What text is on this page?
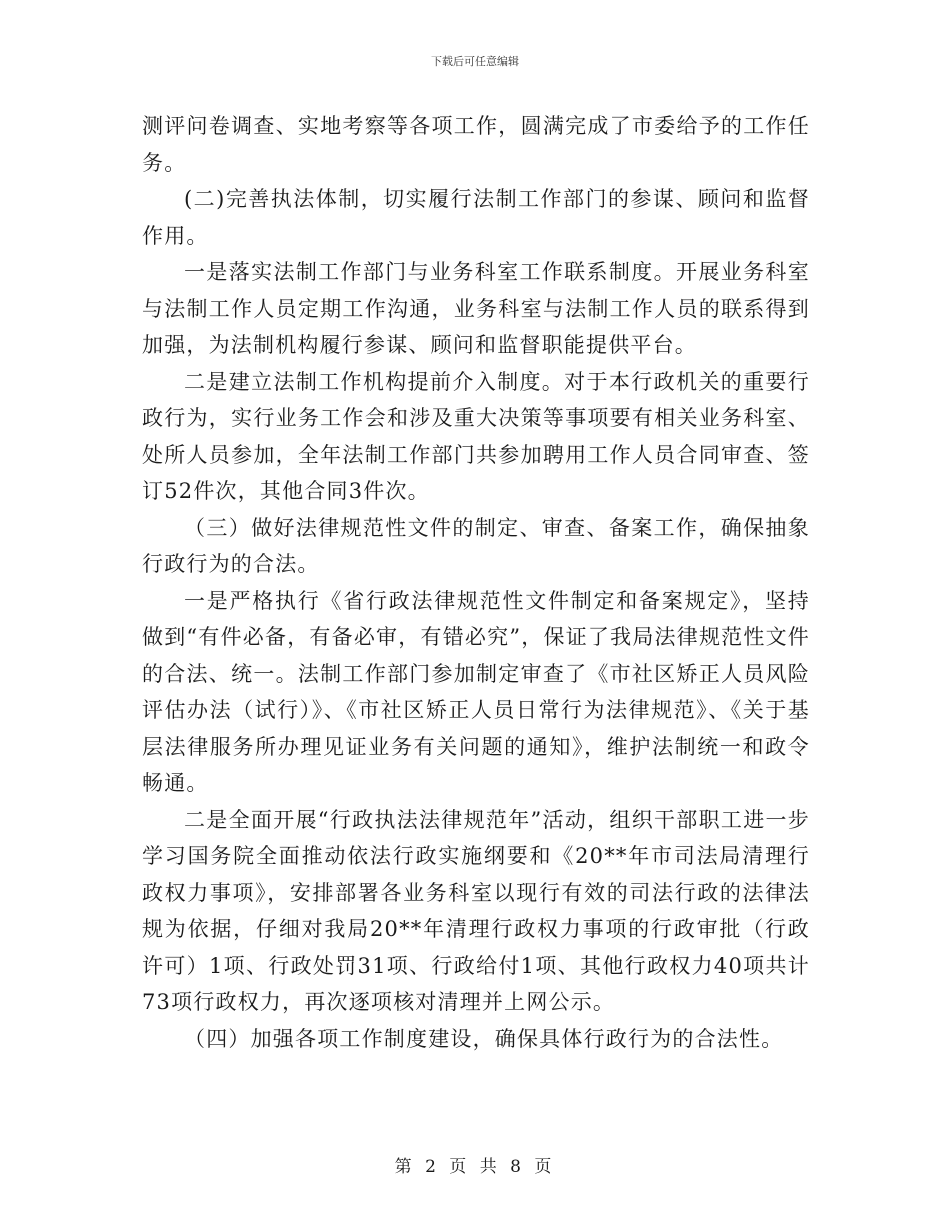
下载后可任意编辑

测评问卷调查、实地考察等各项工作，圆满完成了市委给予的工作任务。

(二)完善执法体制，切实履行法制工作部门的参谋、顾问和监督作用。

一是落实法制工作部门与业务科室工作联系制度。开展业务科室与法制工作人员定期工作沟通，业务科室与法制工作人员的联系得到加强，为法制机构履行参谋、顾问和监督职能提供平台。

二是建立法制工作机构提前介入制度。对于本行政机关的重要行政行为，实行业务工作会和涉及重大决策等事项要有相关业务科室、处所人员参加，全年法制工作部门共参加聘用工作人员合同审查、签订52件次，其他合同3件次。

（三）做好法律规范性文件的制定、审查、备案工作，确保抽象行政行为的合法。

一是严格执行《省行政法律规范性文件制定和备案规定》，坚持做到“有件必备，有备必审，有错必究”，保证了我局法律规范性文件的合法、统一。法制工作部门参加制定审查了《市社区矫正人员风险评估办法（试行）》、《市社区矫正人员日常行为法律规范》、《关于基层法律服务所办理见证业务有关问题的通知》，维护法制统一和政令畅通。

二是全面开展“行政执法法律规范年”活动，组织干部职工进一步学习国务院全面推动依法行政实施纲要和《20**年市司法局清理行政权力事项》，安排部署各业务科室以现行有效的司法行政的法律法规为依据，仔细对我局20**年清理行政权力事项的行政审批（行政许可）1项、行政处罚31项、行政给付1项、其他行政权力40项共计73项行政权力，再次逐项核对清理并上网公示。

（四）加强各项工作制度建设，确保具体行政行为的合法性。

第 2 页 共 8 页
